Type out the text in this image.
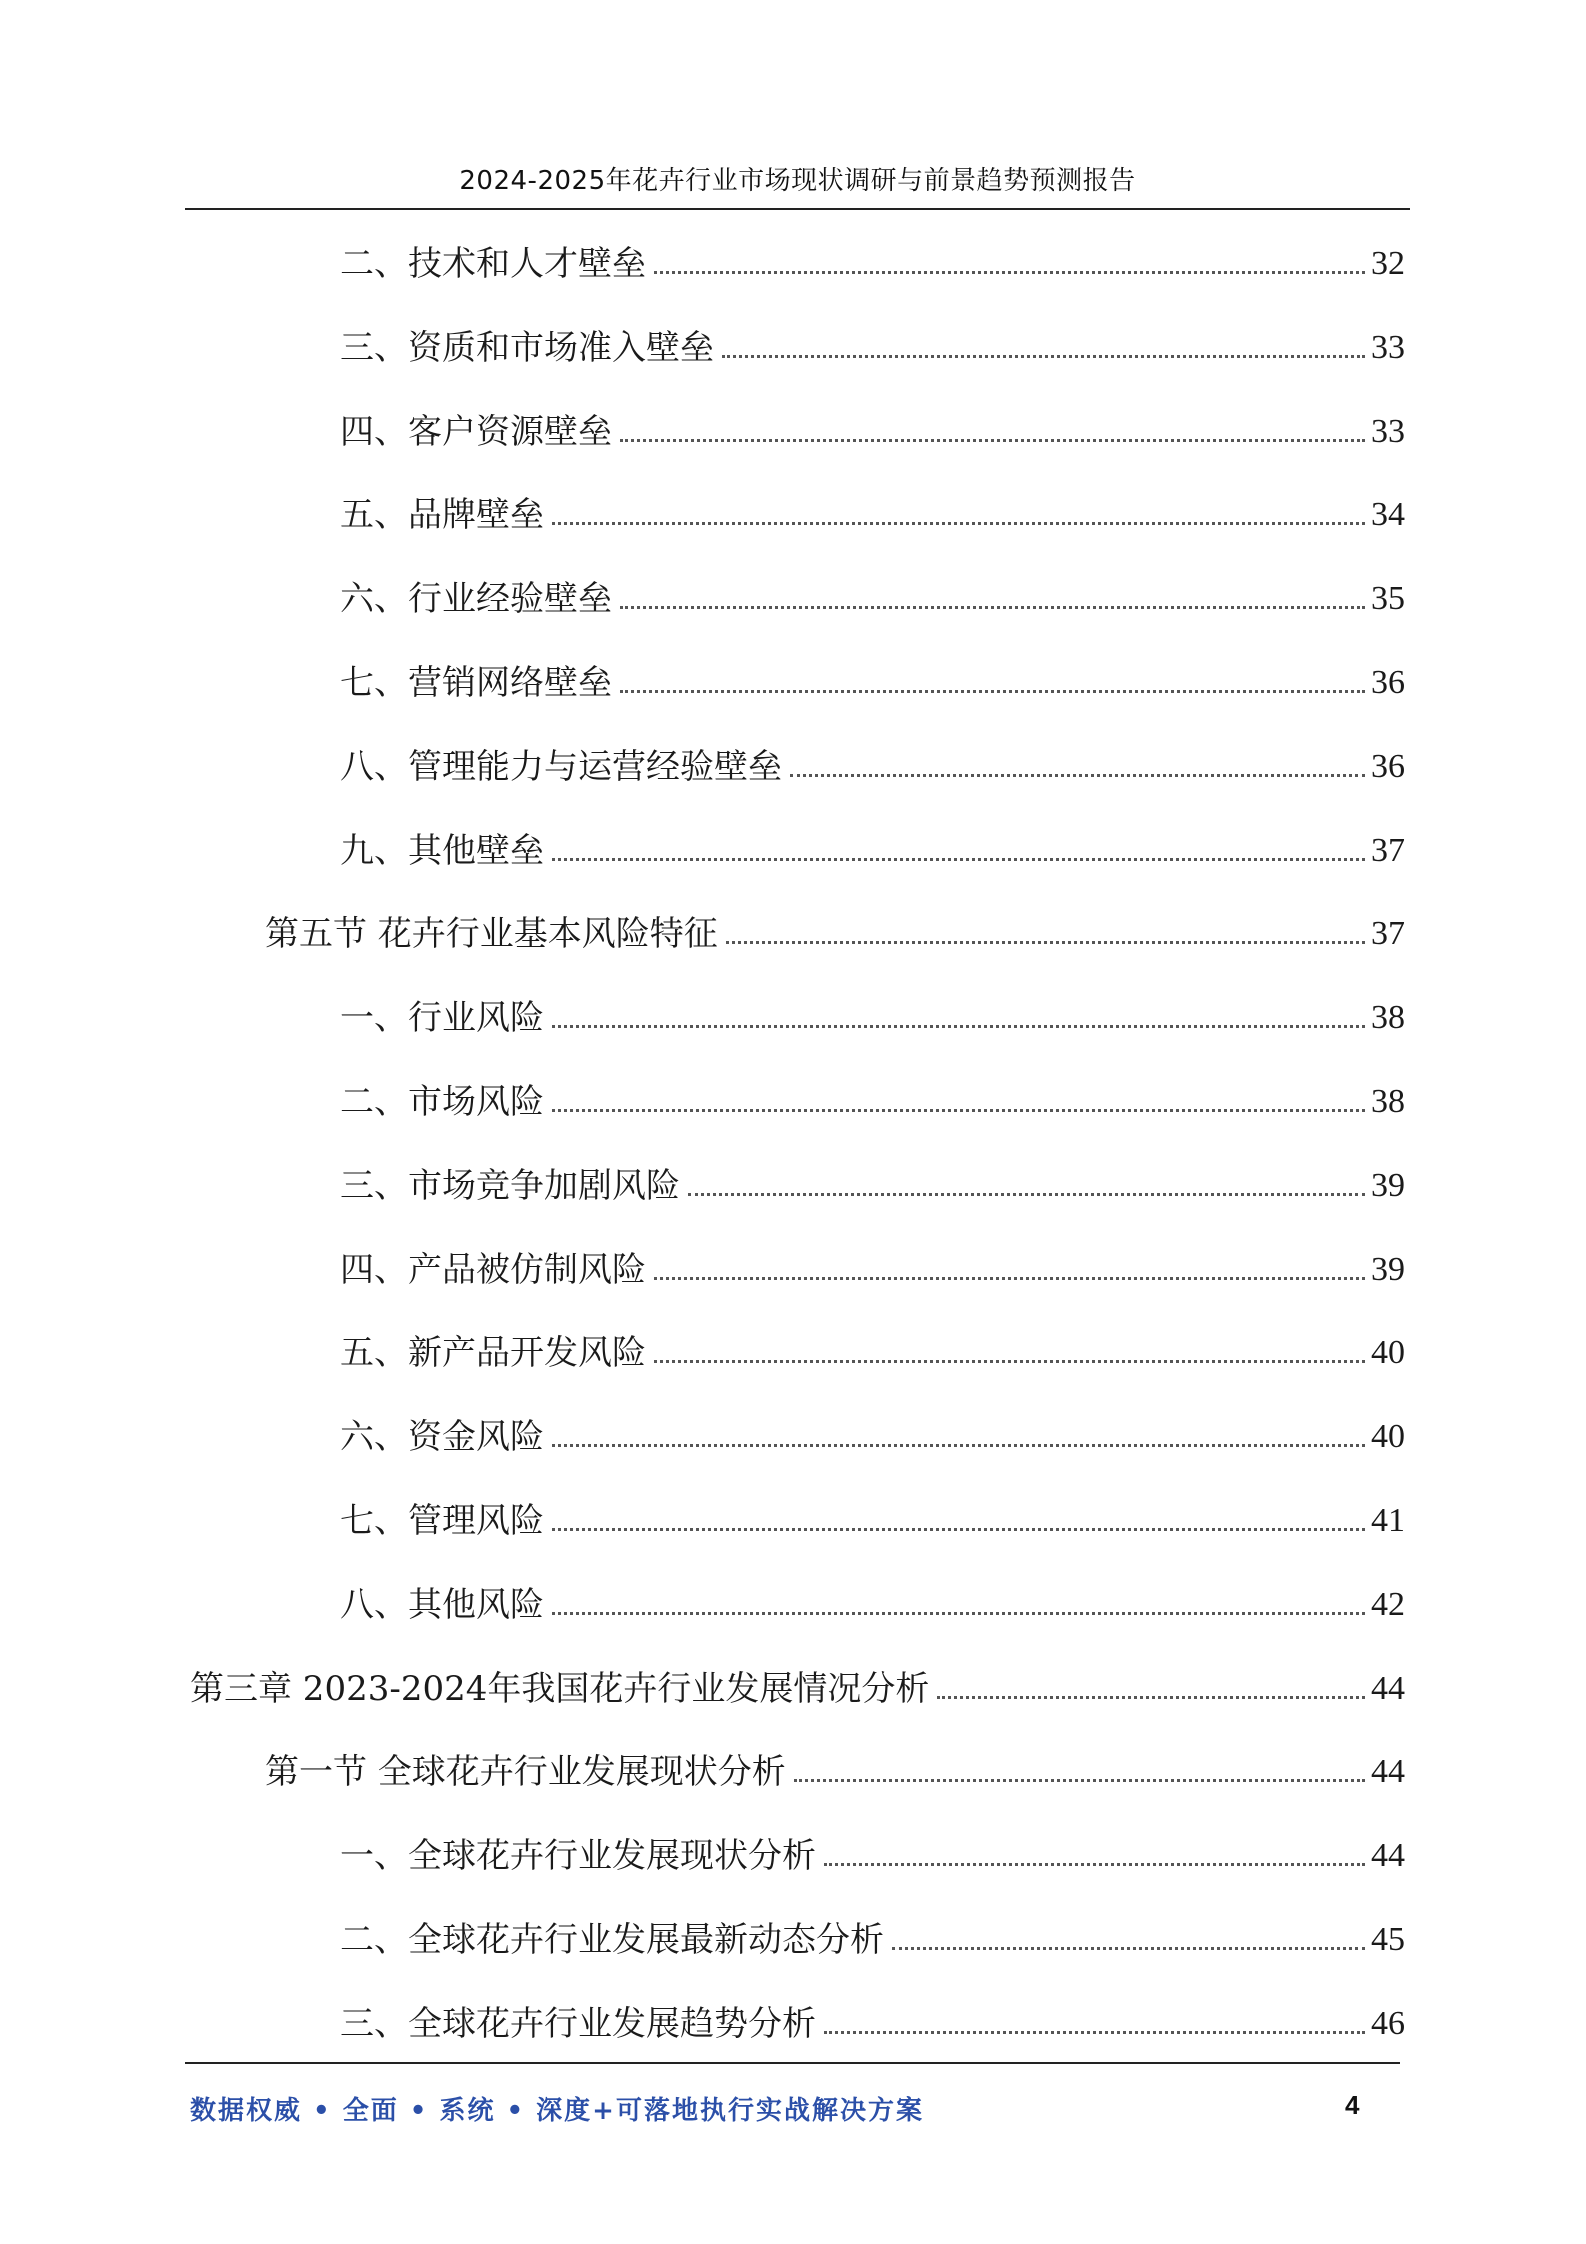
2024-2025年花卉行业市场现状调研与前景趋势预测报告
二、技术和人才壁垒	32
三、资质和市场准入壁垒	33
四、客户资源壁垒	33
五、品牌壁垒	34
六、行业经验壁垒	35
七、营销网络壁垒	36
八、管理能力与运营经验壁垒	36
九、其他壁垒	37
第五节 花卉行业基本风险特征	37
一、行业风险	38
二、市场风险	38
三、市场竞争加剧风险	39
四、产品被仿制风险	39
五、新产品开发风险	40
六、资金风险	40
七、管理风险	41
八、其他风险	42
第三章 2023-2024年我国花卉行业发展情况分析	44
第一节 全球花卉行业发展现状分析	44
一、全球花卉行业发展现状分析	44
二、全球花卉行业发展最新动态分析	45
三、全球花卉行业发展趋势分析	46
数据权威 • 全面 • 系统 • 深度+可落地执行实战解决方案	4
